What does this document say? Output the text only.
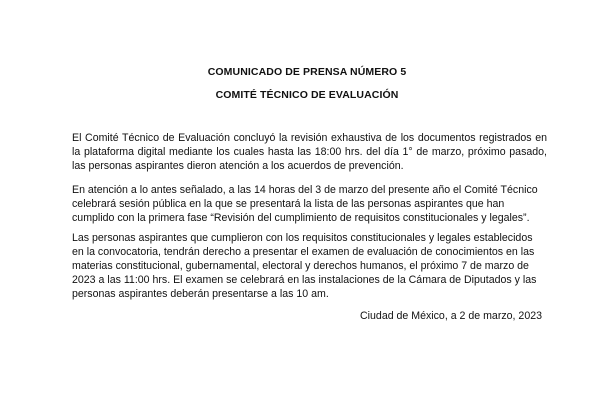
COMUNICADO DE PRENSA NÚMERO 5
COMITÉ TÉCNICO DE EVALUACIÓN

El Comité Técnico de Evaluación concluyó la revisión exhaustiva de los documentos registrados en la plataforma digital mediante los cuales hasta las 18:00 hrs. del día 1° de marzo, próximo pasado, las personas aspirantes dieron atención a los acuerdos de prevención.

En atención a lo antes señalado, a las 14 horas del 3 de marzo del presente año el Comité Técnico celebrará sesión pública en la que se presentará la lista de las personas aspirantes que han cumplido con la primera fase “Revisión del cumplimiento de requisitos constitucionales y legales”.

Las personas aspirantes que cumplieron con los requisitos constitucionales y legales establecidos en la convocatoria, tendrán derecho a presentar el examen de evaluación de conocimientos en las materias constitucional, gubernamental, electoral y derechos humanos, el próximo 7 de marzo de 2023 a las 11:00 hrs. El examen se celebrará en las instalaciones de la Cámara de Diputados y las personas aspirantes deberán presentarse a las 10 am.

Ciudad de México, a 2 de marzo, 2023
